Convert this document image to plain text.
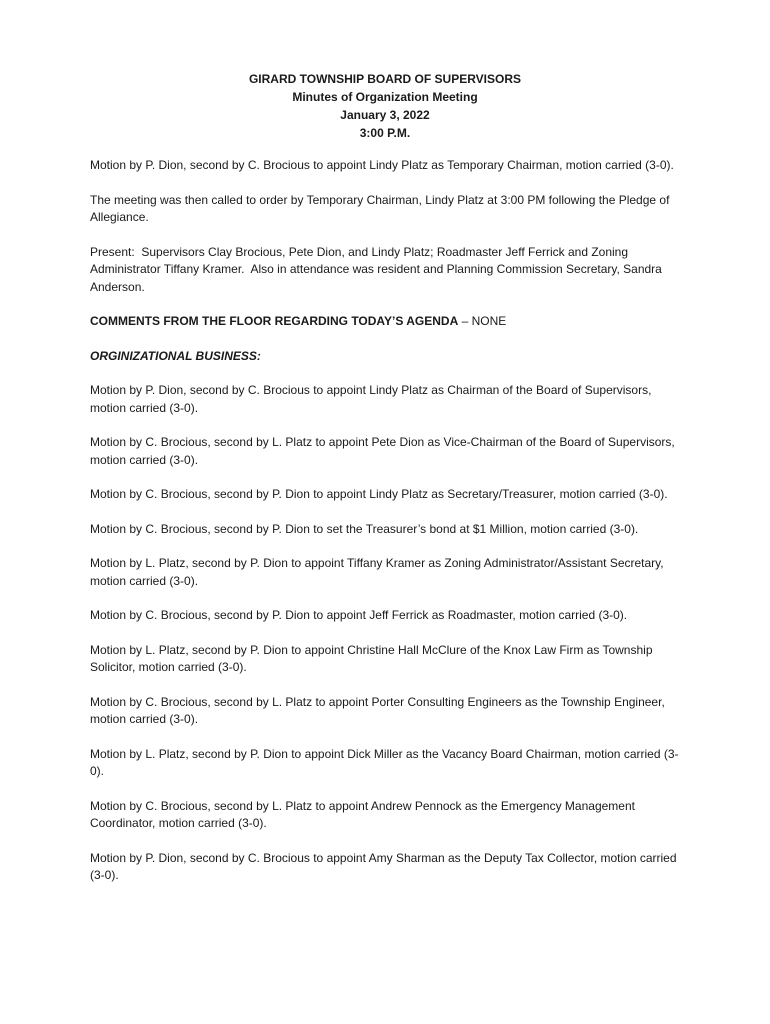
GIRARD TOWNSHIP BOARD OF SUPERVISORS
Minutes of Organization Meeting
January 3, 2022
3:00 P.M.

Motion by P. Dion, second by C. Brocious to appoint Lindy Platz as Temporary Chairman, motion carried (3-0).

The meeting was then called to order by Temporary Chairman, Lindy Platz at 3:00 PM following the Pledge of Allegiance.

Present:  Supervisors Clay Brocious, Pete Dion, and Lindy Platz; Roadmaster Jeff Ferrick and Zoning Administrator Tiffany Kramer.  Also in attendance was resident and Planning Commission Secretary, Sandra Anderson.

COMMENTS FROM THE FLOOR REGARDING TODAY’S AGENDA – NONE

ORGINIZATIONAL BUSINESS:

Motion by P. Dion, second by C. Brocious to appoint Lindy Platz as Chairman of the Board of Supervisors, motion carried (3-0).

Motion by C. Brocious, second by L. Platz to appoint Pete Dion as Vice-Chairman of the Board of Supervisors, motion carried (3-0).

Motion by C. Brocious, second by P. Dion to appoint Lindy Platz as Secretary/Treasurer, motion carried (3-0).

Motion by C. Brocious, second by P. Dion to set the Treasurer’s bond at $1 Million, motion carried (3-0).

Motion by L. Platz, second by P. Dion to appoint Tiffany Kramer as Zoning Administrator/Assistant Secretary, motion carried (3-0).

Motion by C. Brocious, second by P. Dion to appoint Jeff Ferrick as Roadmaster, motion carried (3-0).

Motion by L. Platz, second by P. Dion to appoint Christine Hall McClure of the Knox Law Firm as Township Solicitor, motion carried (3-0).

Motion by C. Brocious, second by L. Platz to appoint Porter Consulting Engineers as the Township Engineer, motion carried (3-0).

Motion by L. Platz, second by P. Dion to appoint Dick Miller as the Vacancy Board Chairman, motion carried (3-0).

Motion by C. Brocious, second by L. Platz to appoint Andrew Pennock as the Emergency Management Coordinator, motion carried (3-0).

Motion by P. Dion, second by C. Brocious to appoint Amy Sharman as the Deputy Tax Collector, motion carried (3-0).
